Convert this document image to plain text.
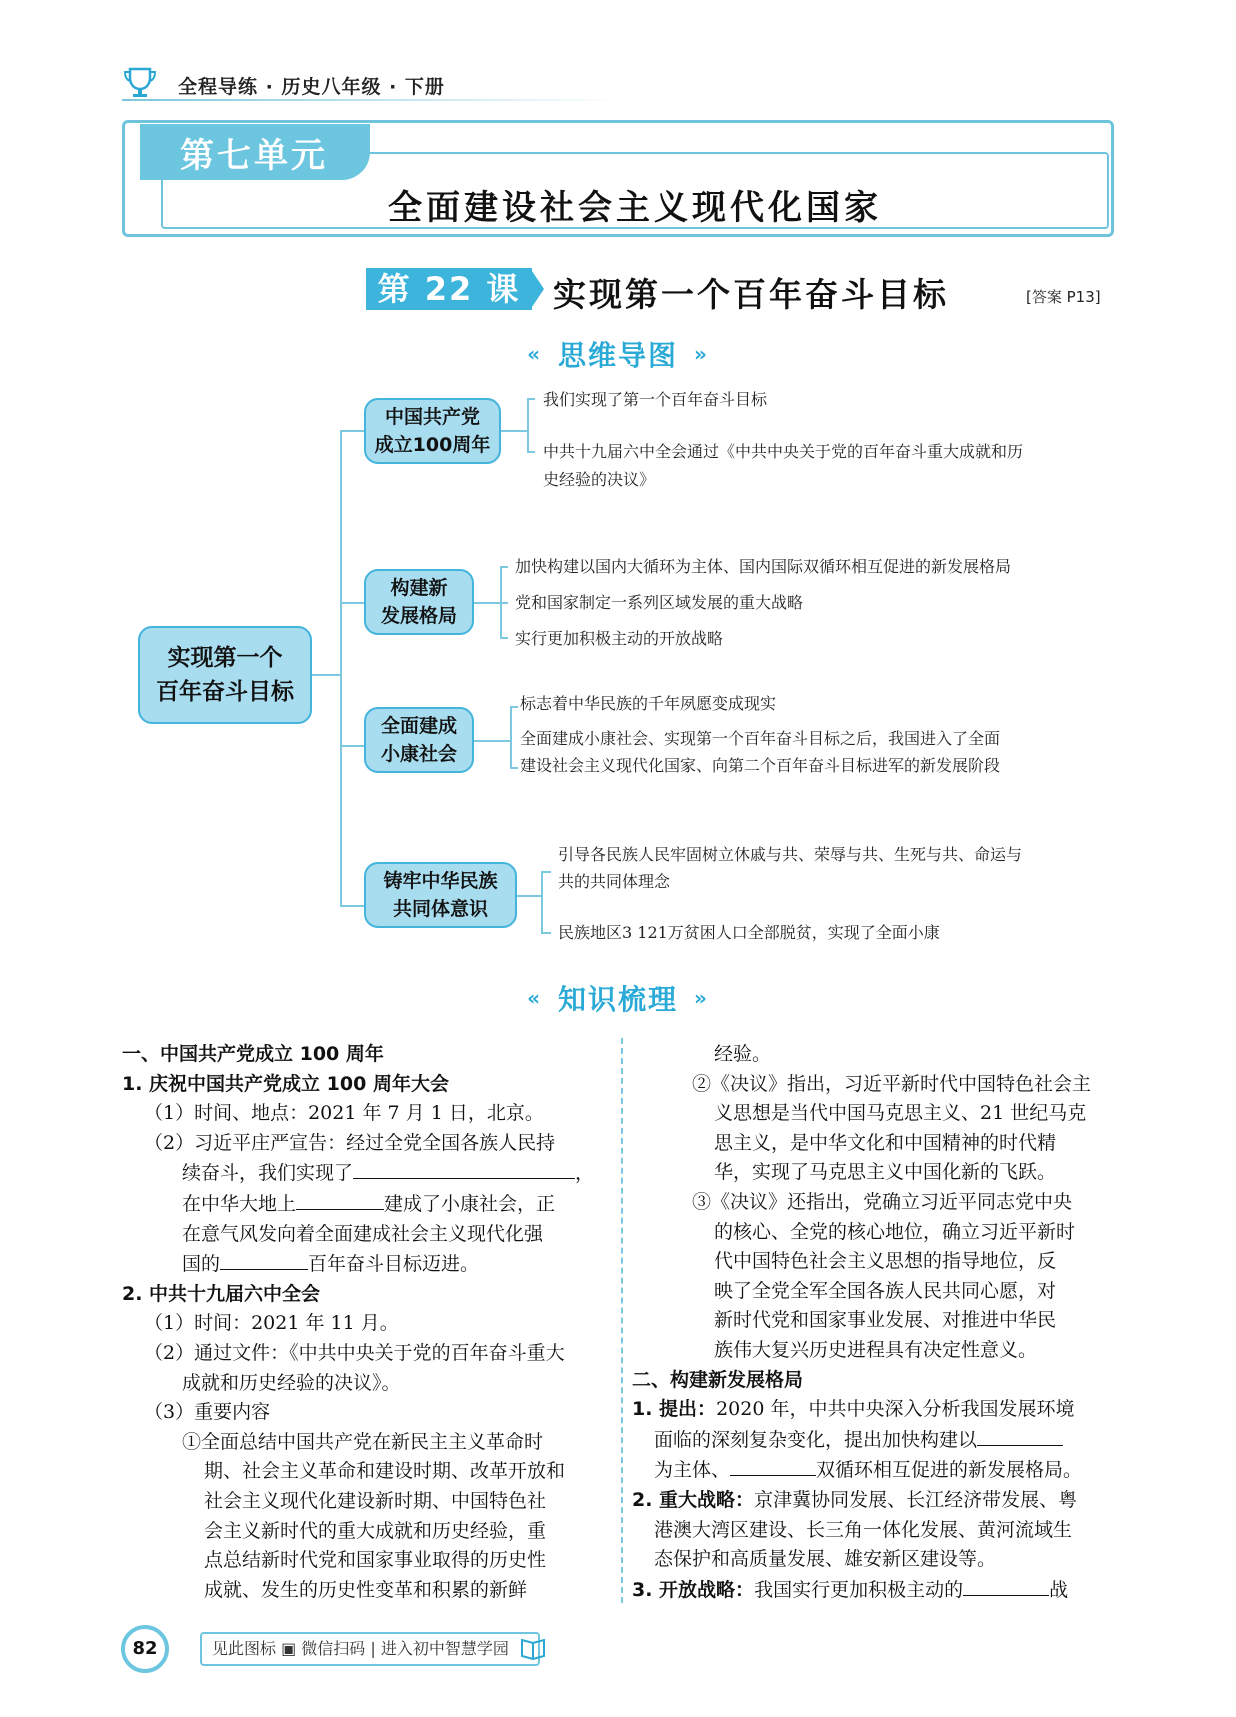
全程导练 · 历史八年级 · 下册
第七单元
全面建设社会主义现代化国家
第 22 课 实现第一个百年奋斗目标	[答案 P13]
« 思维导图 »
实现第一个
百年奋斗目标
中国共产党
成立100周年
我们实现了第一个百年奋斗目标
中共十九届六中全会通过《中共中央关于党的百年奋斗重大成就和历
史经验的决议》
构建新
发展格局
加快构建以国内大循环为主体、国内国际双循环相互促进的新发展格局
党和国家制定一系列区域发展的重大战略
实行更加积极主动的开放战略
全面建成
小康社会
标志着中华民族的千年夙愿变成现实
全面建成小康社会、实现第一个百年奋斗目标之后，我国进入了全面
建设社会主义现代化国家、向第二个百年奋斗目标进军的新发展阶段
铸牢中华民族
共同体意识
引导各民族人民牢固树立休戚与共、荣辱与共、生死与共、命运与
共的共同体理念
民族地区3 121万贫困人口全部脱贫，实现了全面小康
« 知识梳理 »

一、中国共产党成立 100 周年

1. 庆祝中国共产党成立 100 周年大会

（1）时间、地点：2021 年 7 月 1 日，北京。

（2）习近平庄严宣告：经过全党全国各族人民持

续奋斗，我们实现了	，

在中华大地上	建成了小康社会，正

在意气风发向着全面建成社会主义现代化强

国的	百年奋斗目标迈进。

2. 中共十九届六中全会

（1）时间：2021 年 11 月。

（2）通过文件：《中共中央关于党的百年奋斗重大

成就和历史经验的决议》。

（3）重要内容

①全面总结中国共产党在新民主主义革命时

期、社会主义革命和建设时期、改革开放和

社会主义现代化建设新时期、中国特色社

会主义新时代的重大成就和历史经验，重

点总结新时代党和国家事业取得的历史性

成就、发生的历史性变革和积累的新鲜

经验。

②《决议》指出，习近平新时代中国特色社会主

义思想是当代中国马克思主义、21 世纪马克

思主义，是中华文化和中国精神的时代精

华，实现了马克思主义中国化新的飞跃。

③《决议》还指出，党确立习近平同志党中央

的核心、全党的核心地位，确立习近平新时

代中国特色社会主义思想的指导地位，反

映了全党全军全国各族人民共同心愿，对

新时代党和国家事业发展、对推进中华民

族伟大复兴历史进程具有决定性意义。

二、构建新发展格局

1. 提出：2020 年，中共中央深入分析我国发展环境

面临的深刻复杂变化，提出加快构建以

为主体、	双循环相互促进的新发展格局。

2. 重大战略：京津冀协同发展、长江经济带发展、粤

港澳大湾区建设、长三角一体化发展、黄河流域生

态保护和高质量发展、雄安新区建设等。

3. 开放战略：我国实行更加积极主动的	战

82	见此图标 ▣ 微信扫码 | 进入初中智慧学园
